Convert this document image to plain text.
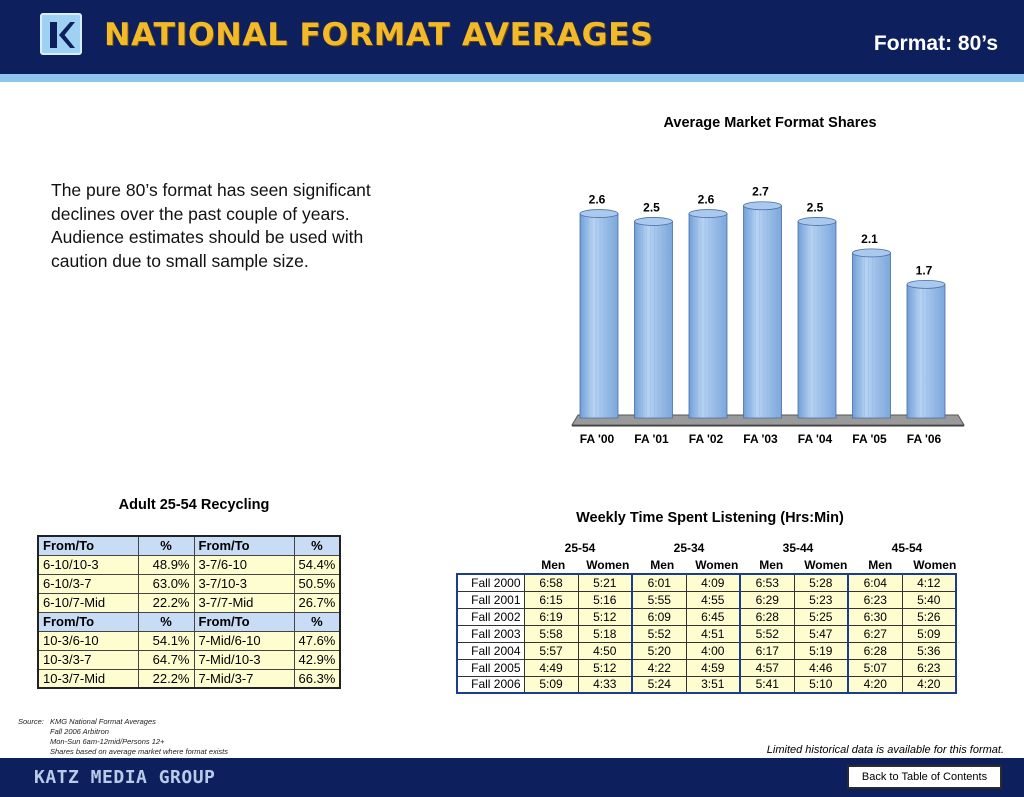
NATIONAL FORMAT AVERAGES	Format: 80’s
The pure 80’s format has seen significant declines over the past couple of years. Audience estimates should be used with caution due to small sample size.
Average Market Format Shares
2.6
FA '00
2.5
FA '01
2.6
FA '02
2.7
FA '03
2.5
FA '04
2.1
FA '05
1.7
FA '06
Adult 25-54 Recycling
From/To	%	From/To	%
6-10/10-3	48.9%	3-7/6-10	54.4%
6-10/3-7	63.0%	3-7/10-3	50.5%
6-10/7-Mid	22.2%	3-7/7-Mid	26.7%
From/To	%	From/To	%
10-3/6-10	54.1%	7-Mid/6-10	47.6%
10-3/3-7	64.7%	7-Mid/10-3	42.9%
10-3/7-Mid	22.2%	7-Mid/3-7	66.3%
Weekly Time Spent Listening (Hrs:Min)
25-54
Men	Women
25-34
Men	Women
35-44
Men	Women
45-54
Men	Women
Fall 2000	6:58	5:21	6:01	4:09	6:53	5:28	6:04	4:12
Fall 2001	6:15	5:16	5:55	4:55	6:29	5:23	6:23	5:40
Fall 2002	6:19	5:12	6:09	6:45	6:28	5:25	6:30	5:26
Fall 2003	5:58	5:18	5:52	4:51	5:52	5:47	6:27	5:09
Fall 2004	5:57	4:50	5:20	4:00	6:17	5:19	6:28	5:36
Fall 2005	4:49	5:12	4:22	4:59	4:57	4:46	5:07	6:23
Fall 2006	5:09	4:33	5:24	3:51	5:41	5:10	4:20	4:20
Source: KMG National Format Averages
Fall 2006 Arbitron
Mon-Sun 6am-12mid/Persons 12+
Shares based on average market where format exists	Limited historical data is available for this format.
KATZ MEDIA GROUP	Back to Table of Contents
